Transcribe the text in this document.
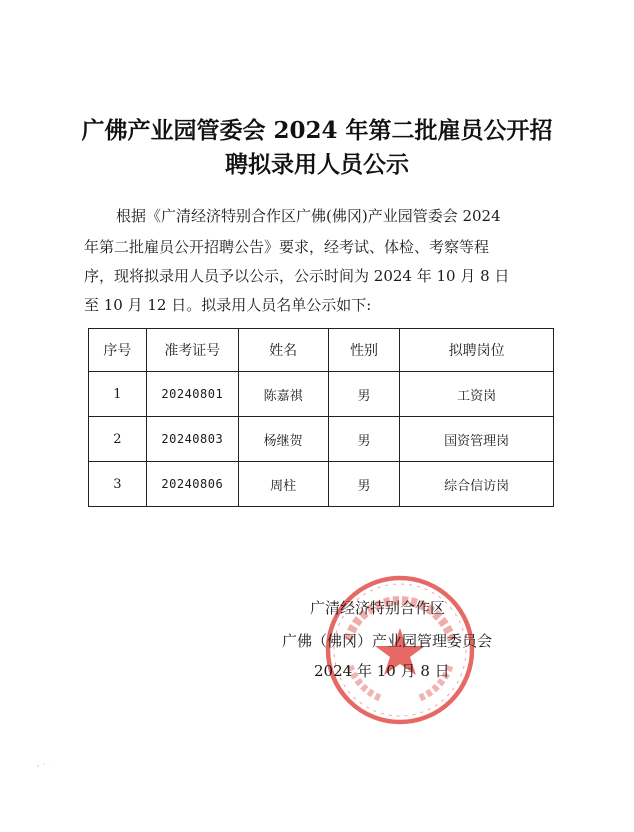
广佛产业园管委会 2024 年第二批雇员公开招
聘拟录用人员公示
根据《广清经济特别合作区广佛(佛冈)产业园管委会 2024
年第二批雇员公开招聘公告》要求，经考试、体检、考察等程
序，现将拟录用人员予以公示，公示时间为 2024 年 10 月 8 日
至 10 月 12 日。拟录用人员名单公示如下:
序号	准考证号	姓名	性别	拟聘岗位
1	20240801	陈嘉祺	男	工资岗
2	20240803	杨继贺	男	国资管理岗
3	20240806	周柱	男	综合信访岗
广清经济特别合作区
广佛（佛冈）产业园管理委员会
2024 年 10 月 8 日
